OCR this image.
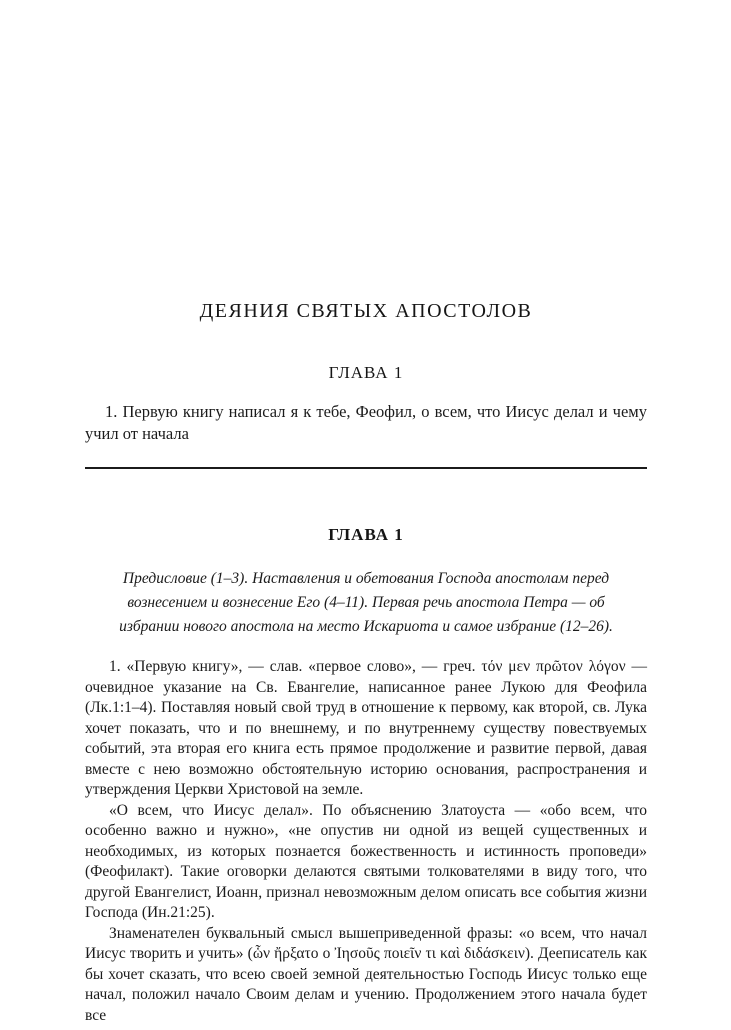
ДЕЯНИЯ СВЯТЫХ АПОСТОЛОВ
ГЛАВА 1

1. Первую книгу написал я к тебе, Феофил, о всем, что Иисус делал и чему учил от начала

ГЛАВА 1

Предисловие (1–3). Наставления и обетования Господа апостолам перед вознесением и вознесение Его (4–11). Первая речь апостола Петра — об избрании нового апостола на место Искариота и самое избрание (12–26).

1. «Первую книгу», — слав. «первое слово», — греч. τόν μεν πρῶτον λόγον — очевидное указание на Св. Евангелие, написанное ранее Лукою для Феофила (Лк.1:1–4). Поставляя новый свой труд в отношение к первому, как второй, св. Лука хочет показать, что и по внешнему, и по внутреннему существу повествуемых событий, эта вторая его книга есть прямое продолжение и развитие первой, давая вместе с нею возможно обстоятельную историю основания, распространения и утверждения Церкви Христовой на земле.

«О всем, что Иисус делал». По объяснению Златоуста — «обо всем, что особенно важно и нужно», «не опустив ни одной из вещей существенных и необходимых, из которых познается божественность и истинность проповеди» (Феофилакт). Такие оговорки делаются святыми толкователями в виду того, что другой Евангелист, Иоанн, признал невозможным делом описать все события жизни Господа (Ин.21:25).

Знаменателен буквальный смысл вышеприведенной фразы: «о всем, что начал Иисус творить и учить» (ὧν ἤρξατο ο Ἰησοῦς ποιεῖν τι καὶ διδάσκειν). Дееписатель как бы хочет сказать, что всею своей земной деятельностью Господь Иисус только еще начал, положил начало Своим делам и учению. Продолжением этого начала будет все
